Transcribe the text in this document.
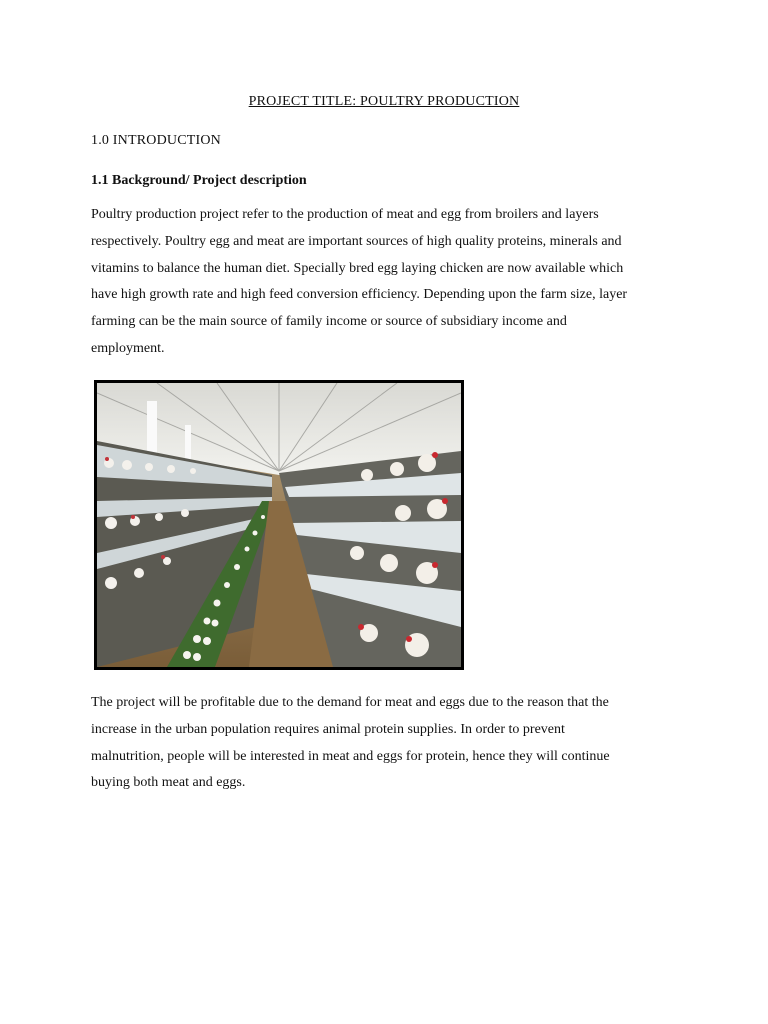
PROJECT TITLE: POULTRY PRODUCTION
1.0 INTRODUCTION
1.1 Background/ Project description
Poultry production project refer to the production of meat and egg from broilers and layers
respectively. Poultry egg and meat are important sources of high quality proteins, minerals and
vitamins to balance the human diet. Specially bred egg laying chicken are now available which
have high growth rate and high feed conversion efficiency. Depending upon the farm size, layer
farming can be the main source of family income or source of subsidiary income and
employment.
The project will be profitable due to the demand for meat and eggs due to the reason that the
increase in the urban population requires animal protein supplies. In order to prevent
malnutrition, people will be interested in meat and eggs for protein, hence they will continue
buying both meat and eggs.
